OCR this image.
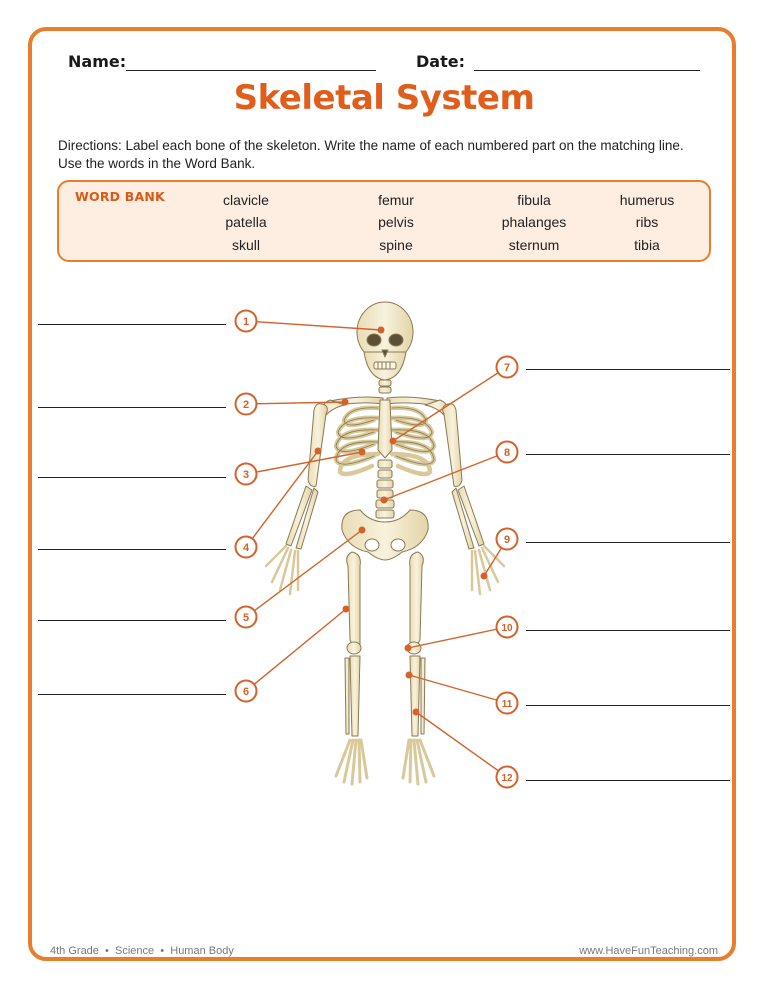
Name:	Date:
Skeletal System
Directions: Label each bone of the skeleton. Write the name of each numbered part on the matching line. Use the words in the Word Bank.
WORD BANK	clavicle	femur	fibula	humerus
patella	pelvis	phalanges	ribs
skull	spine	sternum	tibia
1
2
3
4
5
6
7
8
9
10
11
12
4th Grade  •  Science  •  Human Body	www.HaveFunTeaching.com
